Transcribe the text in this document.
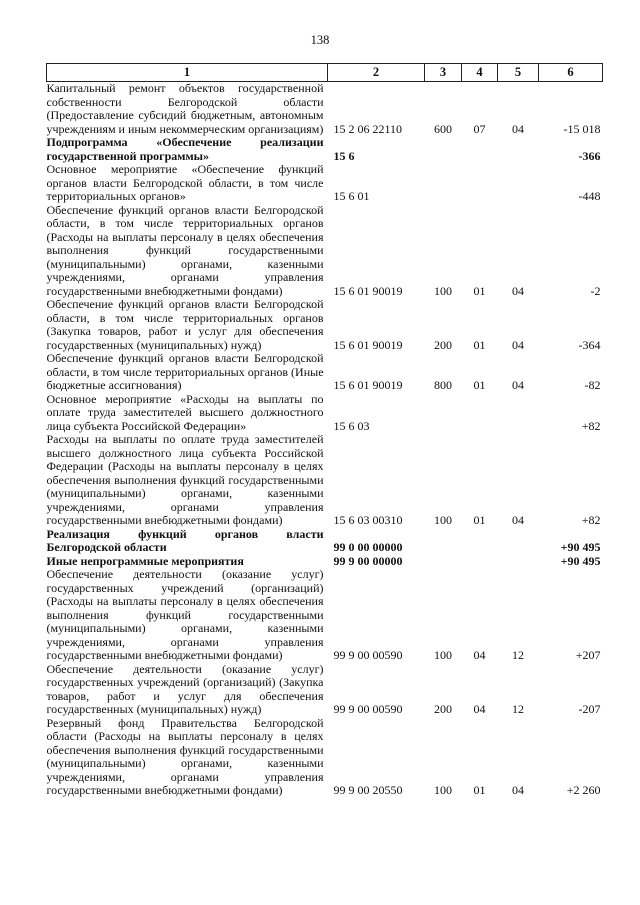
138
1	2	3	4	5	6
Капитальный ремонт объектов государственной собственности Белгородской области (Предоставление субсидий бюджетным, автономным учреждениям и иным некоммерческим организациям)	15 2 06 22110	600	07	04	-15 018
Подпрограмма «Обеспечение реализации государственной программы»	15 6				-366
Основное мероприятие «Обеспечение функций органов власти Белгородской области, в том числе территориальных органов»	15 6 01				-448
Обеспечение функций органов власти Белгородской области, в том числе территориальных органов (Расходы на выплаты персоналу в целях обеспечения выполнения функций государственными (муниципальными) органами, казенными учреждениями, органами управления государственными внебюджетными фондами)	15 6 01 90019	100	01	04	-2
Обеспечение функций органов власти Белгородской области, в том числе территориальных органов (Закупка товаров, работ и услуг для обеспечения государственных (муниципальных) нужд)	15 6 01 90019	200	01	04	-364
Обеспечение функций органов власти Белгородской области, в том числе территориальных органов (Иные бюджетные ассигнования)	15 6 01 90019	800	01	04	-82
Основное мероприятие «Расходы на выплаты по оплате труда заместителей высшего должностного лица субъекта Российской Федерации»	15 6 03				+82
Расходы на выплаты по оплате труда заместителей высшего должностного лица субъекта Российской Федерации (Расходы на выплаты персоналу в целях обеспечения выполнения функций государственными (муниципальными) органами, казенными учреждениями, органами управления государственными внебюджетными фондами)	15 6 03 00310	100	01	04	+82
Реализация функций органов власти Белгородской области	99 0 00 00000				+90 495
Иные непрограммные мероприятия	99 9 00 00000				+90 495
Обеспечение деятельности (оказание услуг) государственных учреждений (организаций) (Расходы на выплаты персоналу в целях обеспечения выполнения функций государственными (муниципальными) органами, казенными учреждениями, органами управления государственными внебюджетными фондами)	99 9 00 00590	100	04	12	+207
Обеспечение деятельности (оказание услуг) государственных учреждений (организаций) (Закупка товаров, работ и услуг для обеспечения государственных (муниципальных) нужд)	99 9 00 00590	200	04	12	-207
Резервный фонд Правительства Белгородской области (Расходы на выплаты персоналу в целях обеспечения выполнения функций государственными (муниципальными) органами, казенными учреждениями, органами управления государственными внебюджетными фондами)	99 9 00 20550	100	01	04	+2 260
